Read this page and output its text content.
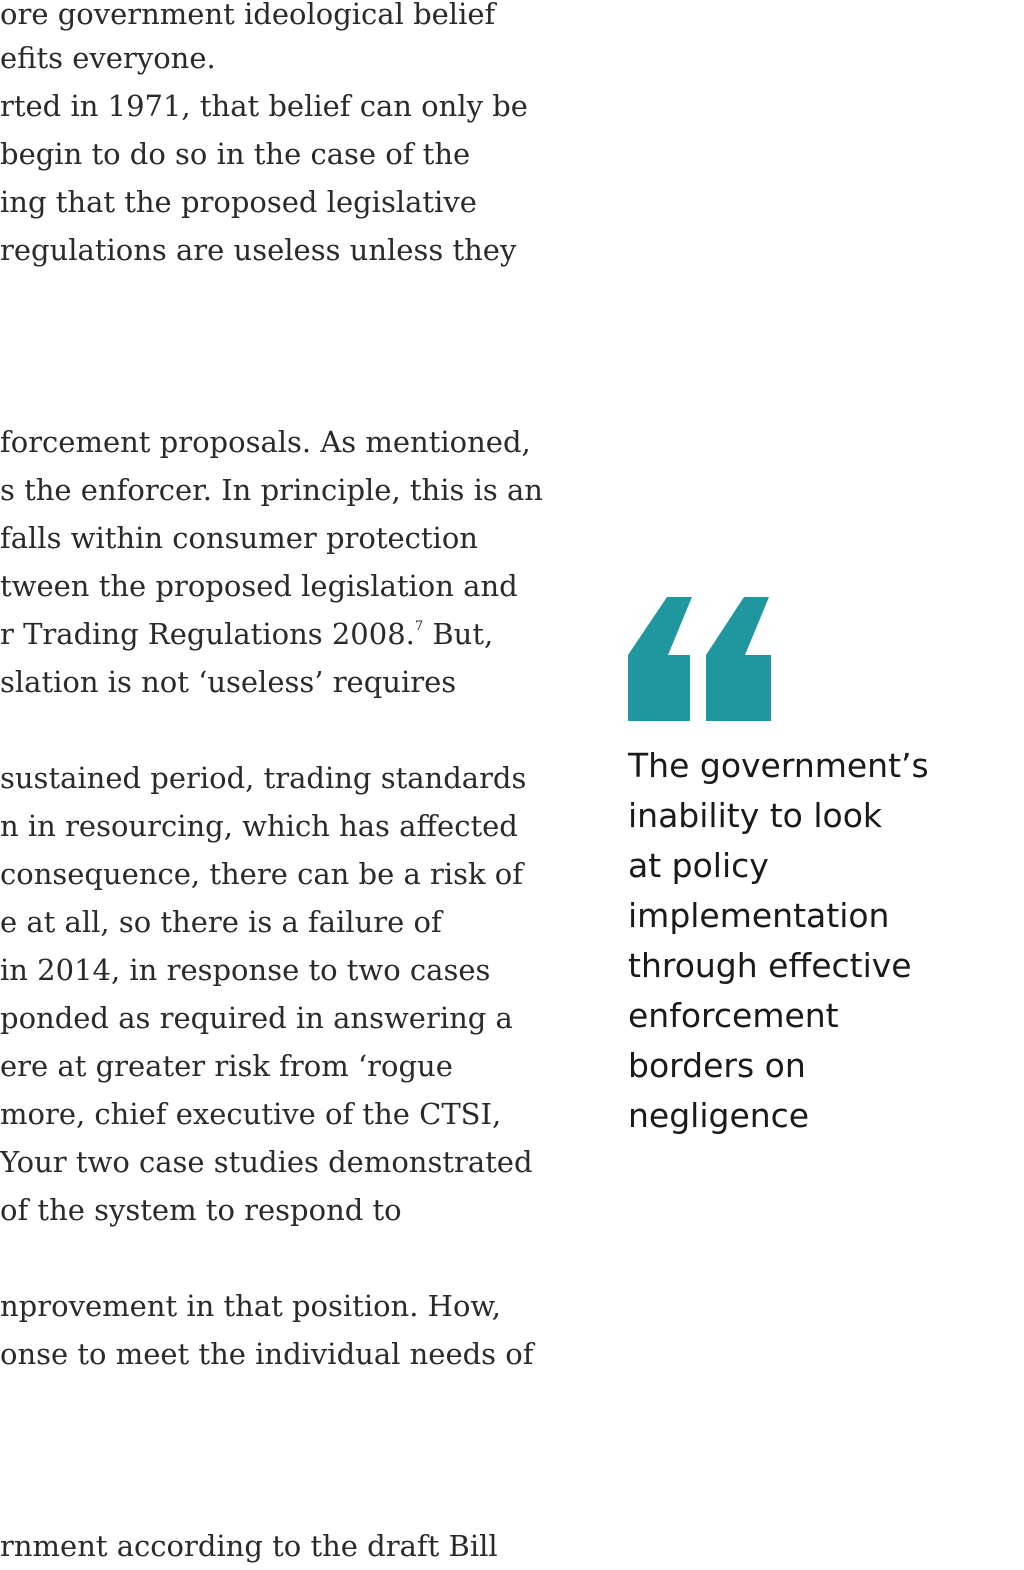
ore government ideological belief
efits everyone.
rted in 1971, that belief can only be
begin to do so in the case of the
ing that the proposed legislative
regulations are useless unless they
forcement proposals. As mentioned,
s the enforcer. In principle, this is an
falls within consumer protection
tween the proposed legislation and
r Trading Regulations 2008.$^7$ But,
slation is not ‘useless’ requires
sustained period, trading standards
n in resourcing, which has affected
consequence, there can be a risk of
e at all, so there is a failure of
in 2014, in response to two cases
ponded as required in answering a
ere at greater risk from ‘rogue
more, chief executive of the CTSI,
Your two case studies demonstrated
of the system to respond to
nprovement in that position. How,
onse to meet the individual needs of
rnment according to the draft Bill
The government’s
inability to look
at policy
implementation
through effective
enforcement
borders on
negligence
